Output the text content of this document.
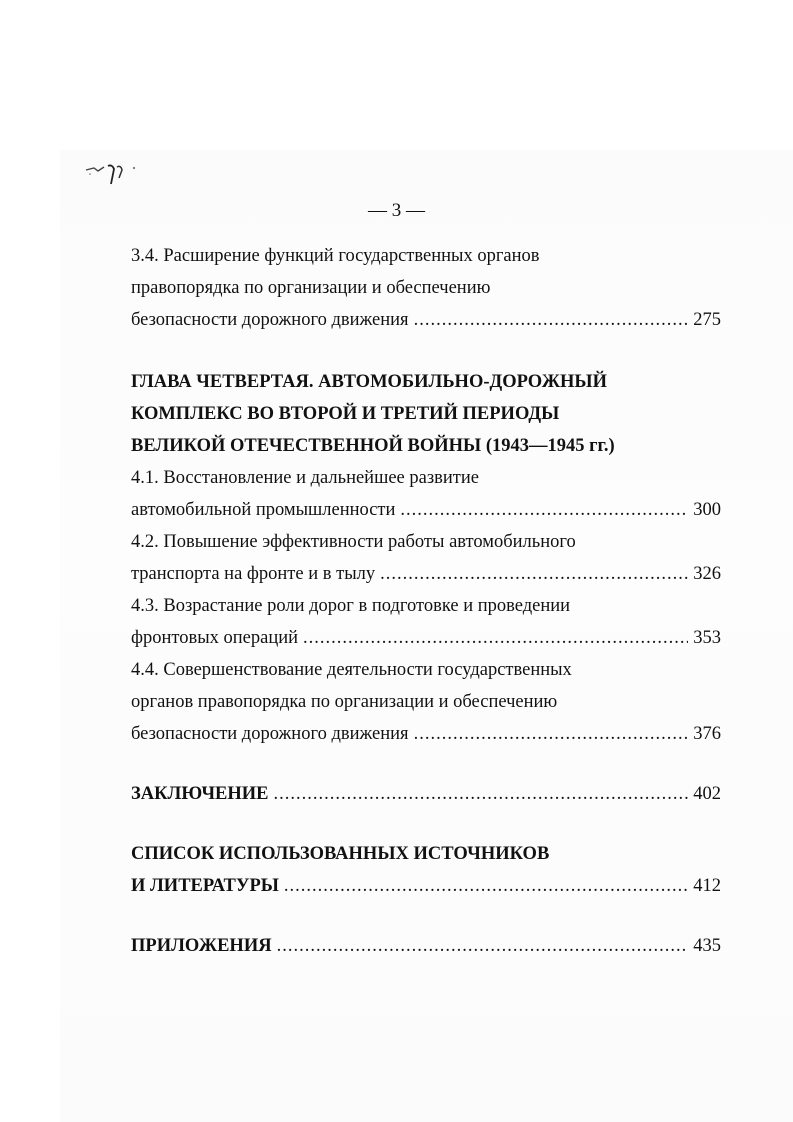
— 3 —
3.4. Расширение функций государственных органов
правопорядка по организации и обеспечению
безопасности дорожного движения .....	275
ГЛАВА ЧЕТВЕРТАЯ. АВТОМОБИЛЬНО-ДОРОЖНЫЙ
КОМПЛЕКС ВО ВТОРОЙ И ТРЕТИЙ ПЕРИОДЫ
ВЕЛИКОЙ ОТЕЧЕСТВЕННОЙ ВОЙНЫ (1943—1945 гг.)
4.1. Восстановление и дальнейшее развитие
автомобильной промышленности .....	300
4.2. Повышение эффективности работы автомобильного
транспорта на фронте и в тылу .....	326
4.3. Возрастание роли дорог в подготовке и проведении
фронтовых операций .....	353
4.4. Совершенствование деятельности государственных
органов правопорядка по организации и обеспечению
безопасности дорожного движения .....	376
ЗАКЛЮЧЕНИЕ .....	402
СПИСОК ИСПОЛЬЗОВАННЫХ ИСТОЧНИКОВ
И ЛИТЕРАТУРЫ .....	412
ПРИЛОЖЕНИЯ .....	435
